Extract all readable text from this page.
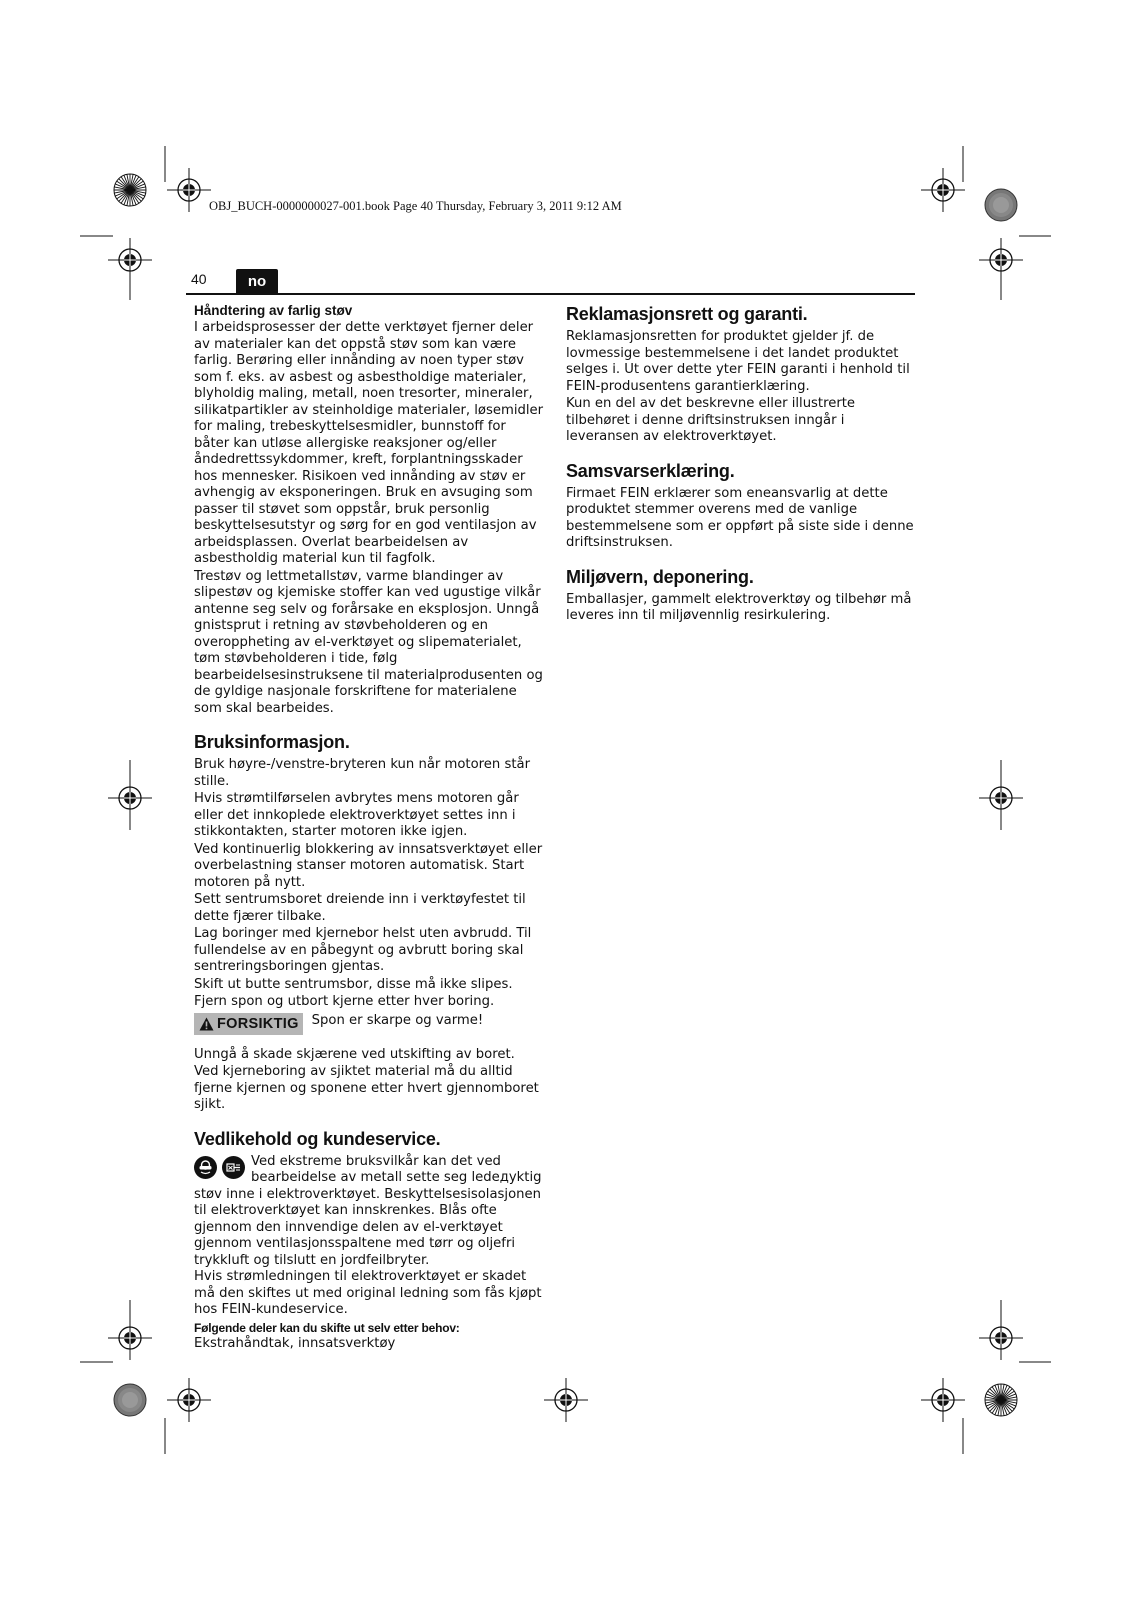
OBJ_BUCH-0000000027-001.book Page 40 Thursday, February 3, 2011 9:12 AM
40	no
Håndtering av farlig støv

I arbeidsprosesser der dette verktøyet fjerner deler av materialer kan det oppstå støv som kan være farlig. Berøring eller innånding av noen typer støv som f. eks. av asbest og asbestholdige materialer, blyholdig maling, metall, noen tresorter, mineraler, silikatpartikler av steinholdige materialer, løsemidler for maling, trebeskyttelsesmidler, bunnstoff for båter kan utløse allergiske reaksjoner og/eller åndedrettssykdommer, kreft, forplantningsskader hos mennesker. Risikoen ved innånding av støv er avhengig av eksponeringen. Bruk en avsuging som passer til støvet som oppstår, bruk personlig beskyttelsesutstyr og sørg for en god ventilasjon av arbeidsplassen. Overlat bearbeidelsen av asbestholdig material kun til fagfolk.

Trestøv og lettmetallstøv, varme blandinger av slipestøv og kjemiske stoffer kan ved ugustige vilkår antenne seg selv og forårsake en eksplosjon. Unngå gnistsprut i retning av støvbeholderen og en overoppheting av el-verktøyet og slipematerialet, tøm støvbeholderen i tide, følg bearbeidelsesinstruksene til materialprodusenten og de gyldige nasjonale forskriftene for materialene som skal bearbeides.

Bruksinformasjon.

Bruk høyre-/venstre-bryteren kun når motoren står stille.

Hvis strømtilførselen avbrytes mens motoren går eller det innkoplede elektroverktøyet settes inn i stikkontakten, starter motoren ikke igjen.

Ved kontinuerlig blokkering av innsatsverktøyet eller overbelastning stanser motoren automatisk. Start motoren på nytt.

Sett sentrumsboret dreiende inn i verktøyfestet til dette fjærer tilbake.

Lag boringer med kjernebor helst uten avbrudd. Til fullendelse av en påbegynt og avbrutt boring skal sentreringsboringen gjentas.

Skift ut butte sentrumsbor, disse må ikke slipes.

Fjern spon og utbort kjerne etter hver boring.

FORSIKTIG Spon er skarpe og varme!

Unngå å skade skjærene ved utskifting av boret.

Ved kjerneboring av sjiktet material må du alltid fjerne kjernen og sponene etter hvert gjennomboret sjikt.

Vedlikehold og kundeservice.

Ved ekstreme bruksvilkår kan det ved bearbeidelse av metall sette seg ledедyktig støv inne i elektroverktøyet. Beskyttelsesisolasjonen til elektroverktøyet kan innskrenkes. Blås ofte gjennom den innvendige delen av el-verktøyet gjennom ventilasjonsspaltene med tørr og oljefri trykkluft og tilslutt en jordfeilbryter.

Hvis strømledningen til elektroverktøyet er skadet må den skiftes ut med original ledning som fås kjøpt hos FEIN-kundeservice.

Følgende deler kan du skifte ut selv etter behov:

Ekstrahåndtak, innsatsverktøy

Reklamasjonsrett og garanti.

Reklamasjonsretten for produktet gjelder jf. de lovmessige bestemmelsene i det landet produktet selges i. Ut over dette yter FEIN garanti i henhold til FEIN-produsentens garantierklæring.

Kun en del av det beskrevne eller illustrerte tilbehøret i denne driftsinstruksen inngår i leveransen av elektroverktøyet.

Samsvarserklæring.

Firmaet FEIN erklærer som eneansvarlig at dette produktet stemmer overens med de vanlige bestemmelsene som er oppført på siste side i denne driftsinstruksen.

Miljøvern, deponering.

Emballasjer, gammelt elektroverktøy og tilbehør må leveres inn til miljøvennlig resirkulering.
